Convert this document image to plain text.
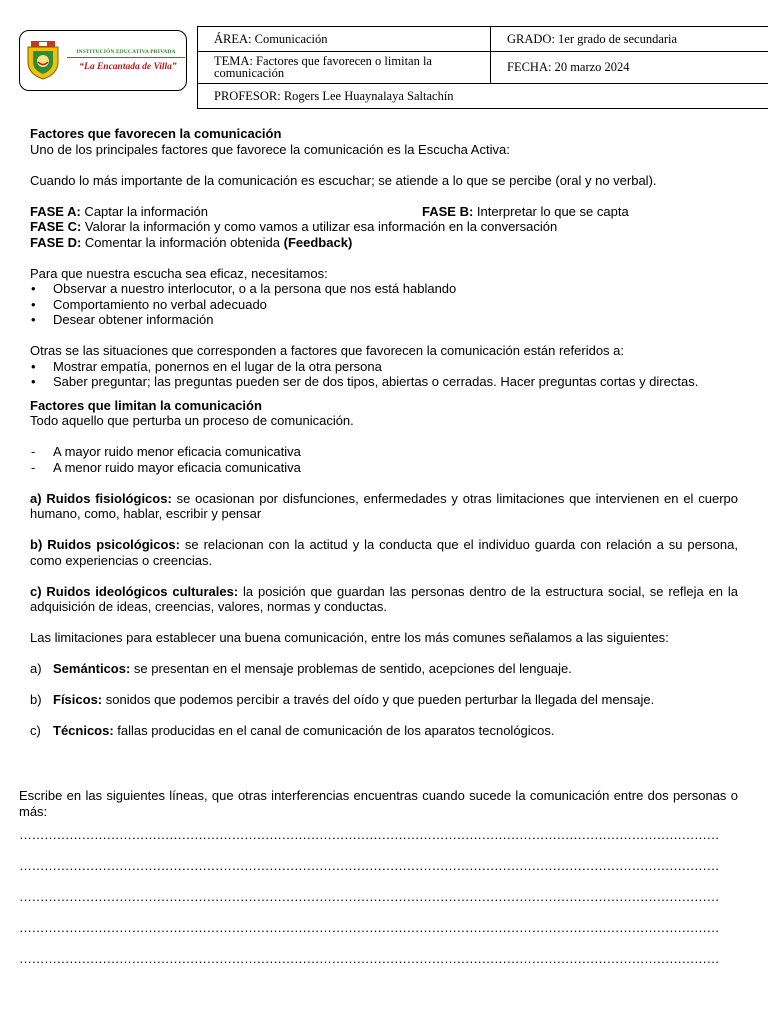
INSTITUCIÓN EDUCATIVA PRIVADA
“La Encantada de Villa”
ÁREA: Comunicación	GRADO: 1er grado de secundaria
TEMA: Factores que favorecen o limitan la comunicación	FECHA: 20 marzo 2024
PROFESOR: Rogers Lee Huaynalaya Saltachín	

Factores que favorecen la comunicación

Uno de los principales factores que favorece la comunicación es la Escucha Activa:

Cuando lo más importante de la comunicación es escuchar; se atiende a lo que se percibe (oral y no verbal).

FASE A: Captar la información	FASE B: Interpretar lo que se capta

FASE C: Valorar la información y como vamos a utilizar esa información en la conversación

FASE D: Comentar la información obtenida (Feedback)

Para que nuestra escucha sea eficaz, necesitamos:

• Observar a nuestro interlocutor, o a la persona que nos está hablando
• Comportamiento no verbal adecuado
• Desear obtener información

Otras se las situaciones que corresponden a factores que favorecen la comunicación están referidos a:

• Mostrar empatía, ponernos en el lugar de la otra persona
• Saber preguntar; las preguntas pueden ser de dos tipos, abiertas o cerradas. Hacer preguntas cortas y directas.

Factores que limitan la comunicación

Todo aquello que perturba un proceso de comunicación.

- A mayor ruido menor eficacia comunicativa
- A menor ruido mayor eficacia comunicativa

a) Ruidos fisiológicos: se ocasionan por disfunciones, enfermedades y otras limitaciones que intervienen en el cuerpo humano, como, hablar, escribir y pensar

b) Ruidos psicológicos: se relacionan con la actitud y la conducta que el individuo guarda con relación a su persona, como experiencias o creencias.

c) Ruidos ideológicos culturales: la posición que guardan las personas dentro de la estructura social, se refleja en la adquisición de ideas, creencias, valores, normas y conductas.

Las limitaciones para establecer una buena comunicación, entre los más comunes señalamos a las siguientes:

a) Semánticos: se presentan en el mensaje problemas de sentido, acepciones del lenguaje.
b) Físicos: sonidos que podemos percibir a través del oído y que pueden perturbar la llegada del mensaje.
c) Técnicos: fallas producidas en el canal de comunicación de los aparatos tecnológicos.

Escribe en las siguientes líneas, que otras interferencias encuentras cuando sucede la comunicación entre dos personas o más:

……………………………………………………………………………………………………………………………………………………
……………………………………………………………………………………………………………………………………………………
……………………………………………………………………………………………………………………………………………………
……………………………………………………………………………………………………………………………………………………
……………………………………………………………………………………………………………………………………………………
